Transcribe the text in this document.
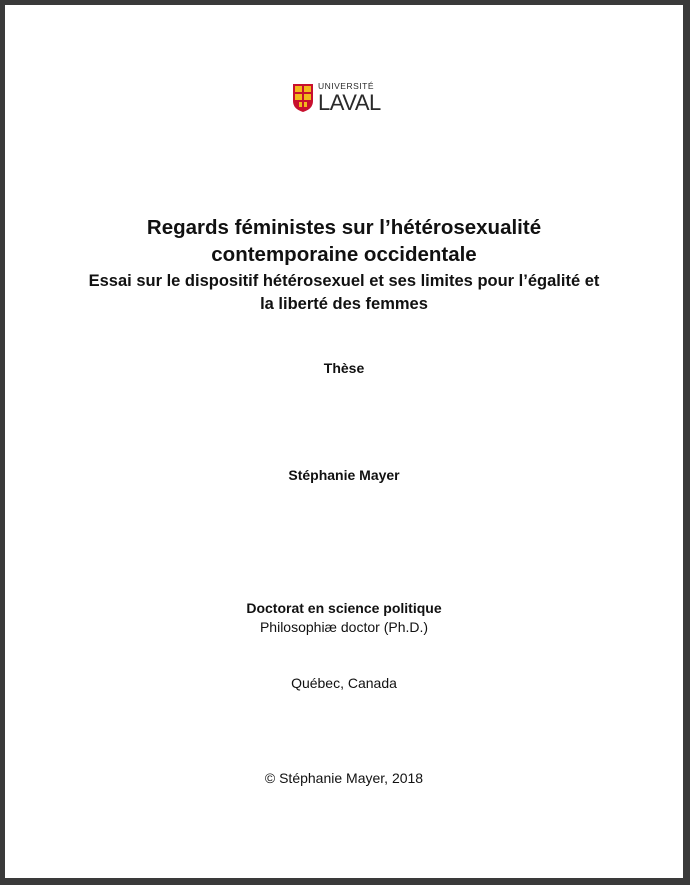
UNIVERSITÉ
LAVAL
Regards féministes sur l’hétérosexualité contemporaine occidentale
Essai sur le dispositif hétérosexuel et ses limites pour l’égalité et la liberté des femmes
Thèse
Stéphanie Mayer
Doctorat en science politique
Philosophiæ doctor (Ph.D.)
Québec, Canada
© Stéphanie Mayer, 2018
